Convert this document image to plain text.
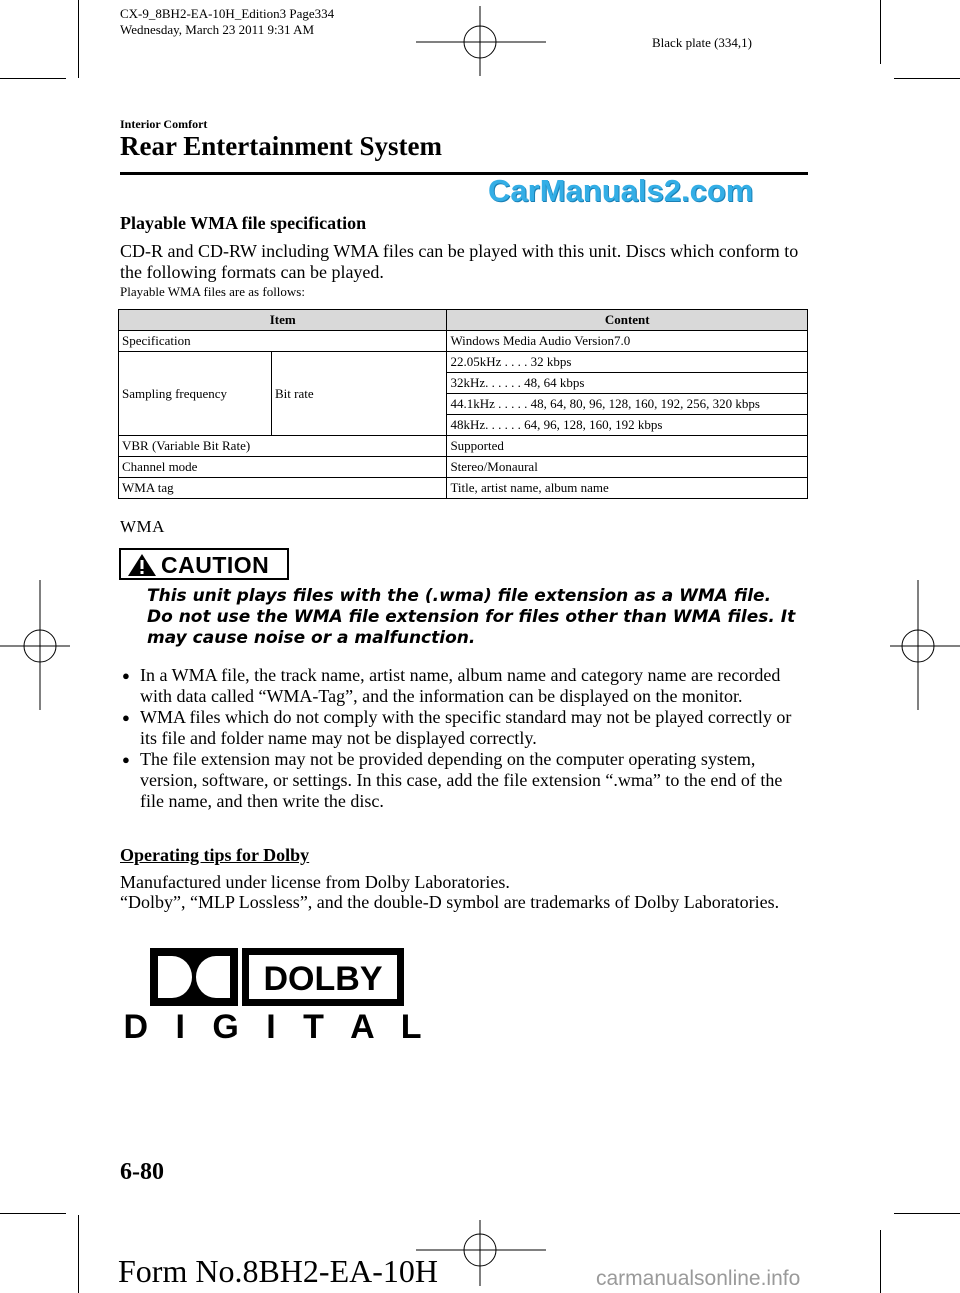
CX-9_8BH2-EA-10H_Edition3 Page334
Wednesday, March 23 2011 9:31 AM
Black plate (334,1)
Interior Comfort
Rear Entertainment System
CarManuals2.com
Playable WMA file specification
CD-R and CD-RW including WMA files can be played with this unit. Discs which conform to the following formats can be played.
Playable WMA files are as follows:
Item		Content
Specification		Windows Media Audio Version7.0
Sampling frequency	Bit rate	22.05kHz . . . . 32 kbps
		32kHz. . . . . . 48, 64 kbps
		44.1kHz . . . . . 48, 64, 80, 96, 128, 160, 192, 256, 320 kbps
		48kHz. . . . . . 64, 96, 128, 160, 192 kbps
VBR (Variable Bit Rate)		Supported
Channel mode		Stereo/Monaural
WMA tag		Title, artist name, album name
WMA
CAUTION
This unit plays files with the (.wma) file extension as a WMA file. Do not use the WMA file extension for files other than WMA files. It may cause noise or a malfunction.
● In a WMA file, the track name, artist name, album name and category name are recorded with data called “WMA-Tag”, and the information can be displayed on the monitor.
● WMA files which do not comply with the specific standard may not be played correctly or its file and folder name may not be displayed correctly.
● The file extension may not be provided depending on the computer operating system, version, software, or settings. In this case, add the file extension “.wma” to the end of the file name, and then write the disc.
Operating tips for Dolby
Manufactured under license from Dolby Laboratories.
“Dolby”, “MLP Lossless”, and the double-D symbol are trademarks of Dolby Laboratories.
DOLBY
D I G I T A L
6-80
Form No.8BH2-EA-10H	carmanualsonline.info
